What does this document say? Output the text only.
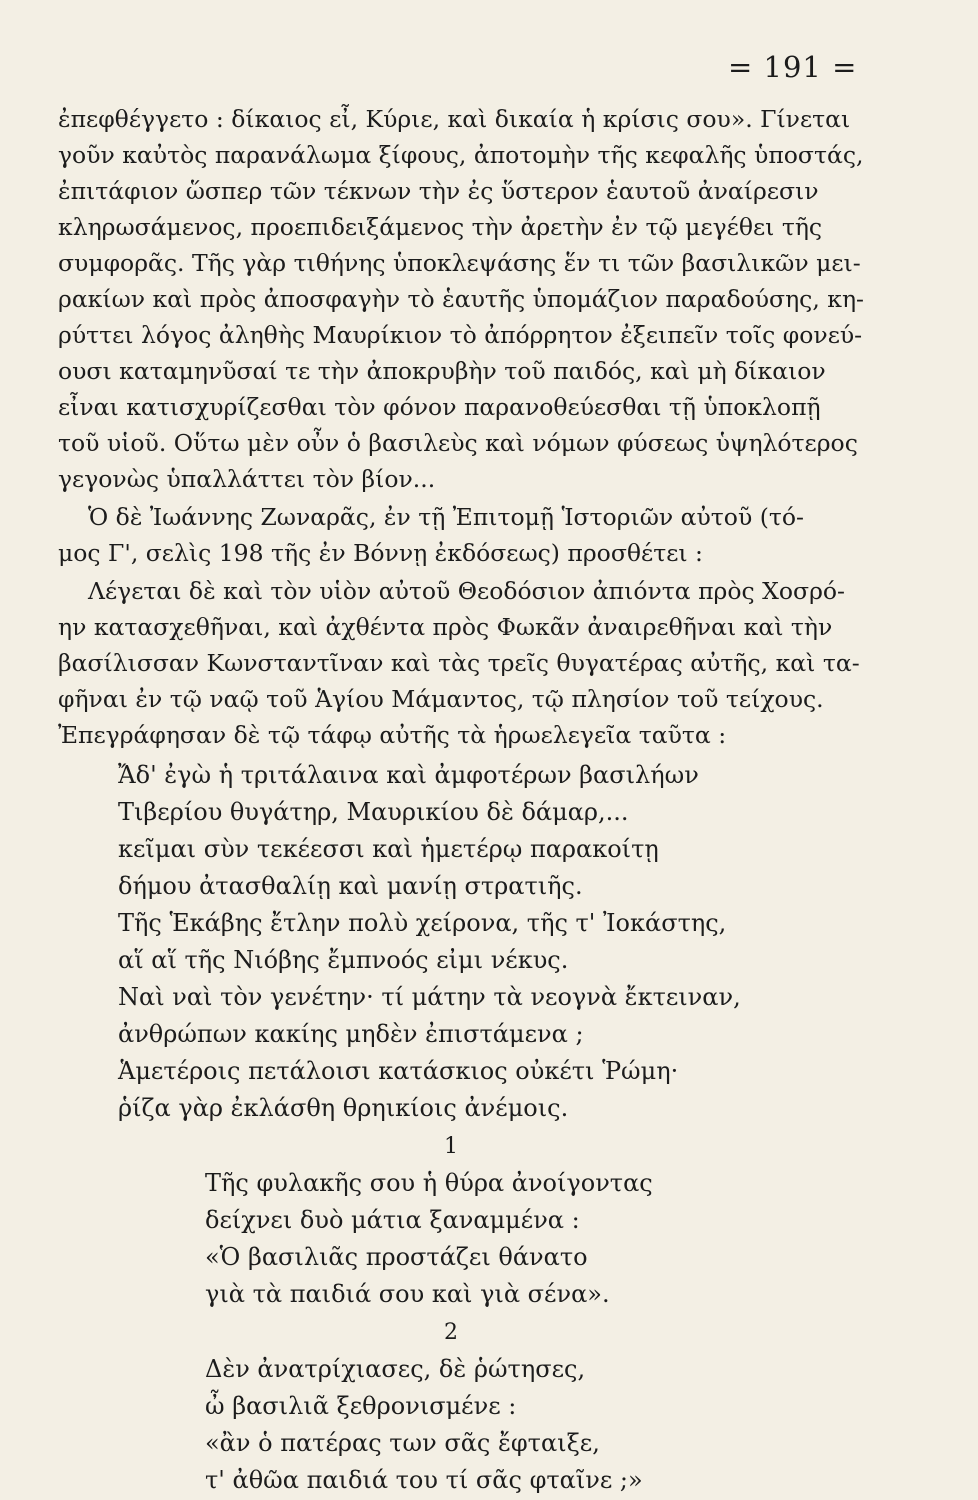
= 191 =
ἐπεφθέγγετο : δίκαιος εἶ, Κύριε, καὶ δικαία ἡ κρίσις σου». Γίνεται
γοῦν καὐτὸς παρανάλωμα ξίφους, ἀποτομὴν τῆς κεφαλῆς ὑποστάς,
ἐπιτάφιον ὥσπερ τῶν τέκνων τὴν ἐς ὕστερον ἑαυτοῦ ἀναίρεσιν
κληρωσάμενος, προεπιδειξάμενος τὴν ἀρετὴν ἐν τῷ μεγέθει τῆς
συμφορᾶς. Τῆς γὰρ τιθήνης ὑποκλεψάσης ἕν τι τῶν βασιλικῶν μει-
ρακίων καὶ πρὸς ἀποσφαγὴν τὸ ἑαυτῆς ὑπομάζιον παραδούσης, κη-
ρύττει λόγος ἀληθὴς Μαυρίκιον τὸ ἀπόρρητον ἐξειπεῖν τοῖς φονεύ-
ουσι καταμηνῦσαί τε τὴν ἀποκρυβὴν τοῦ παιδός, καὶ μὴ δίκαιον
εἶναι κατισχυρίζεσθαι τὸν φόνον παρανοθεύεσθαι τῇ ὑποκλοπῇ
τοῦ υἱοῦ. Οὕτω μὲν οὖν ὁ βασιλεὺς καὶ νόμων φύσεως ὑψηλότερος
γεγονὼς ὑπαλλάττει τὸν βίον...
Ὁ δὲ Ἰωάννης Ζωναρᾶς, ἐν τῇ Ἐπιτομῇ Ἱστοριῶν αὐτοῦ (τό-
μος Γ', σελὶς 198 τῆς ἐν Βόννῃ ἐκδόσεως) προσθέτει :
Λέγεται δὲ καὶ τὸν υἱὸν αὐτοῦ Θεοδόσιον ἀπιόντα πρὸς Χοσρό-
ην κατασχεθῆναι, καὶ ἀχθέντα πρὸς Φωκᾶν ἀναιρεθῆναι καὶ τὴν
βασίλισσαν Κωνσταντῖναν καὶ τὰς τρεῖς θυγατέρας αὐτῆς, καὶ τα-
φῆναι ἐν τῷ ναῷ τοῦ Ἁγίου Μάμαντος, τῷ πλησίον τοῦ τείχους.
Ἐπεγράφησαν δὲ τῷ τάφῳ αὐτῆς τὰ ἡρωελεγεῖα ταῦτα :
Ἄδ' ἐγὼ ἡ τριτάλαινα καὶ ἀμφοτέρων βασιλήων
Τιβερίου θυγάτηρ, Μαυρικίου δὲ δάμαρ,...
κεῖμαι σὺν τεκέεσσι καὶ ἡμετέρῳ παρακοίτῃ
δήμου ἀτασθαλίῃ καὶ μανίῃ στρατιῆς.
Τῆς Ἑκάβης ἔτλην πολὺ χείρονα, τῆς τ' Ἰοκάστης,
αἵ αἵ τῆς Νιόβης ἔμπνοός εἰμι νέκυς.
Ναὶ ναὶ τὸν γενέτην· τί μάτην τὰ νεογνὰ ἔκτειναν,
ἀνθρώπων κακίης μηδὲν ἐπιστάμενα ;
Ἁμετέροις πετάλοισι κατάσκιος οὐκέτι Ῥώμη·
ῥίζα γὰρ ἐκλάσθη θρηικίοις ἀνέμοις.
1
Τῆς φυλακῆς σου ἡ θύρα ἀνοίγοντας
δείχνει δυὸ μάτια ξαναμμένα :
«Ὁ βασιλιᾶς προστάζει θάνατο
γιὰ τὰ παιδιά σου καὶ γιὰ σένα».
2
Δὲν ἀνατρίχιασες, δὲ ῥώτησες,
ὦ βασιλιᾶ ξεθρονισμένε :
«ἂν ὁ πατέρας των σᾶς ἔφταιξε,
τ' ἀθῶα παιδιά του τί σᾶς φταῖνε ;»
